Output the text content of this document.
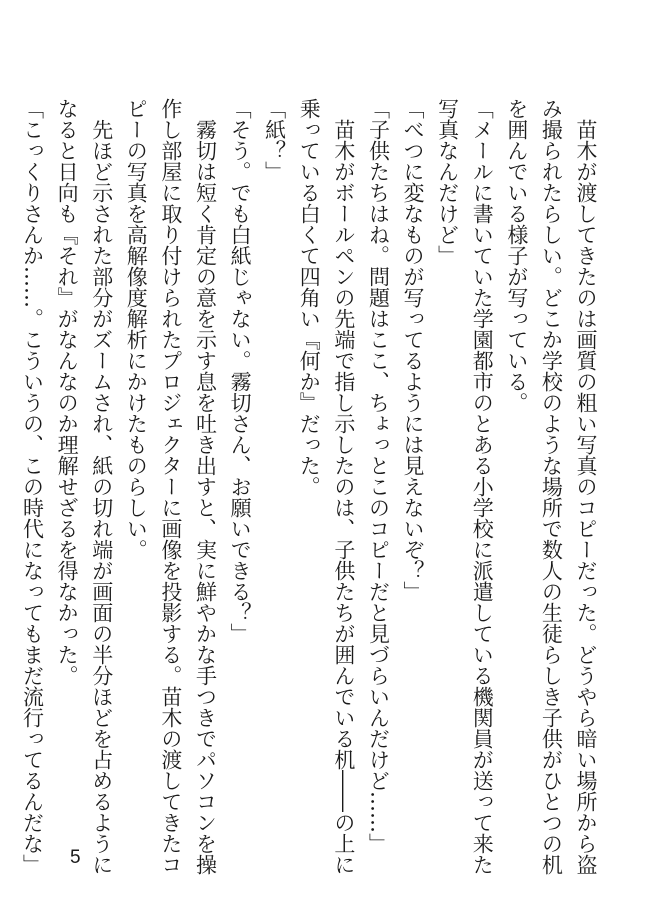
　苗木が渡してきたのは画質の粗い写真のコピーだった。どうやら暗い場所から盗
み撮られたらしい。どこか学校のような場所で数人の生徒らしき子供がひとつの机
を囲んでいる様子が写っている。
「メールに書いていた学園都市のとある小学校に派遣している機関員が送って来た
写真なんだけど」
「べつに変なものが写ってるようには見えないぞ？」
「子供たちはね。問題はここ、ちょっとこのコピーだと見づらいんだけど……」
　苗木がボールペンの先端で指し示したのは、子供たちが囲んでいる机――の上に
乗っている白くて四角い『何か』だった。
「紙？」
「そう。でも白紙じゃない。霧切さん、お願いできる？」
　霧切は短く肯定の意を示す息を吐き出すと、実に鮮やかな手つきでパソコンを操
作し部屋に取り付けられたプロジェクターに画像を投影する。苗木の渡してきたコ
ピーの写真を高解像度解析にかけたものらしい。
　先ほど示された部分がズームされ、紙の切れ端が画面の半分ほどを占めるように
なると日向も『それ』がなんなのか理解せざるを得なかった。
「こっくりさんか……。こういうの、この時代になってもまだ流行ってるんだな」 5
